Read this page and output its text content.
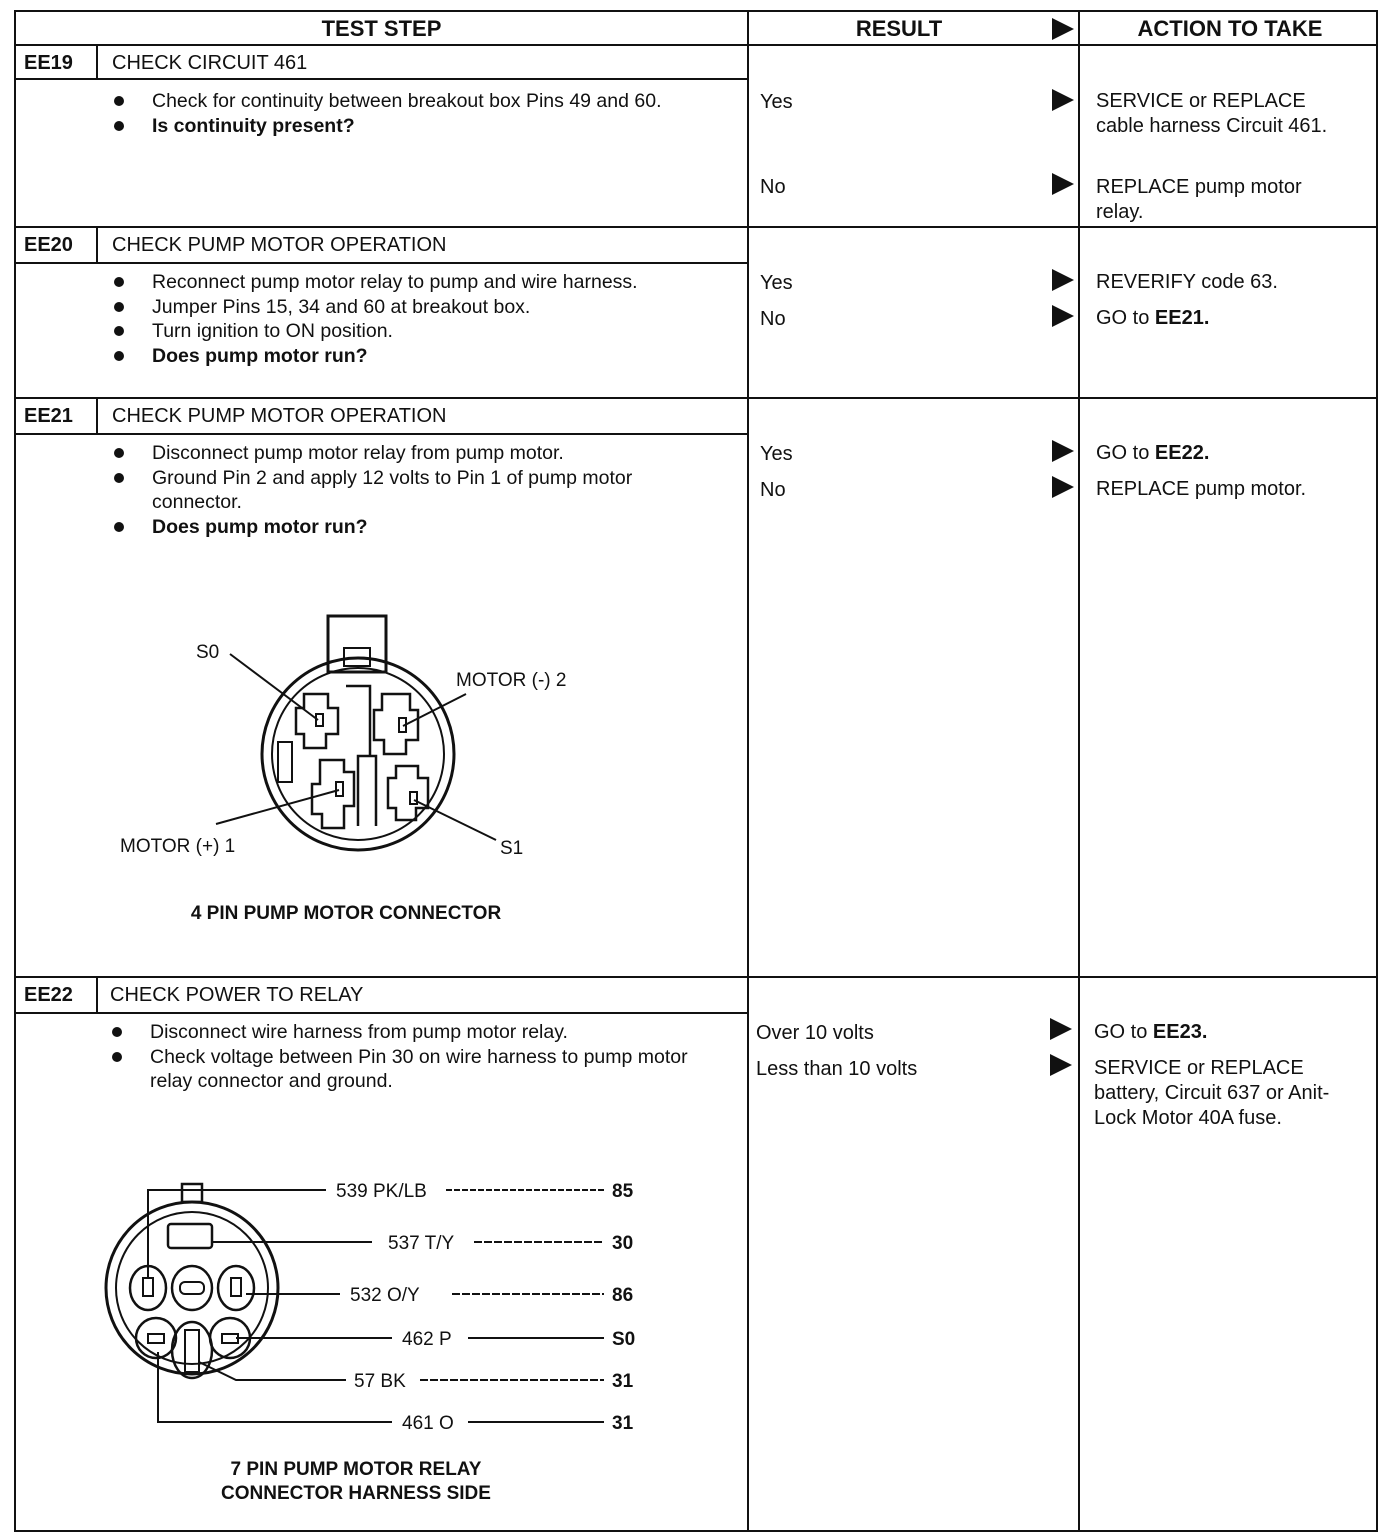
TEST STEP	RESULT	ACTION TO TAKE
EE19 CHECK CIRCUIT 461
Check for continuity between breakout box Pins 49 and 60.
Is continuity present?
Yes	SERVICE or REPLACE cable harness Circuit 461.
No	REPLACE pump motor relay.
EE20 CHECK PUMP MOTOR OPERATION
Reconnect pump motor relay to pump and wire harness.
Jumper Pins 15, 34 and 60 at breakout box.
Turn ignition to ON position.
Does pump motor run?
Yes	REVERIFY code 63.
No	GO to EE21.
EE21 CHECK PUMP MOTOR OPERATION
Disconnect pump motor relay from pump motor.
Ground Pin 2 and apply 12 volts to Pin 1 of pump motor connector.
Does pump motor run?
Yes	GO to EE22.
No	REPLACE pump motor.
S0
MOTOR (-) 2
MOTOR (+) 1	S1
4 PIN PUMP MOTOR CONNECTOR
EE22 CHECK POWER TO RELAY
Disconnect wire harness from pump motor relay.
Check voltage between Pin 30 on wire harness to pump motor relay connector and ground.
Over 10 volts	GO to EE23.
Less than 10 volts	SERVICE or REPLACE battery, Circuit 637 or Anit-Lock Motor 40A fuse.
539 PK/LB
537 T/Y
532 O/Y
462 P
57 BK
461 O
85
30
86
S0
31
31
7 PIN PUMP MOTOR RELAY
CONNECTOR HARNESS SIDE
